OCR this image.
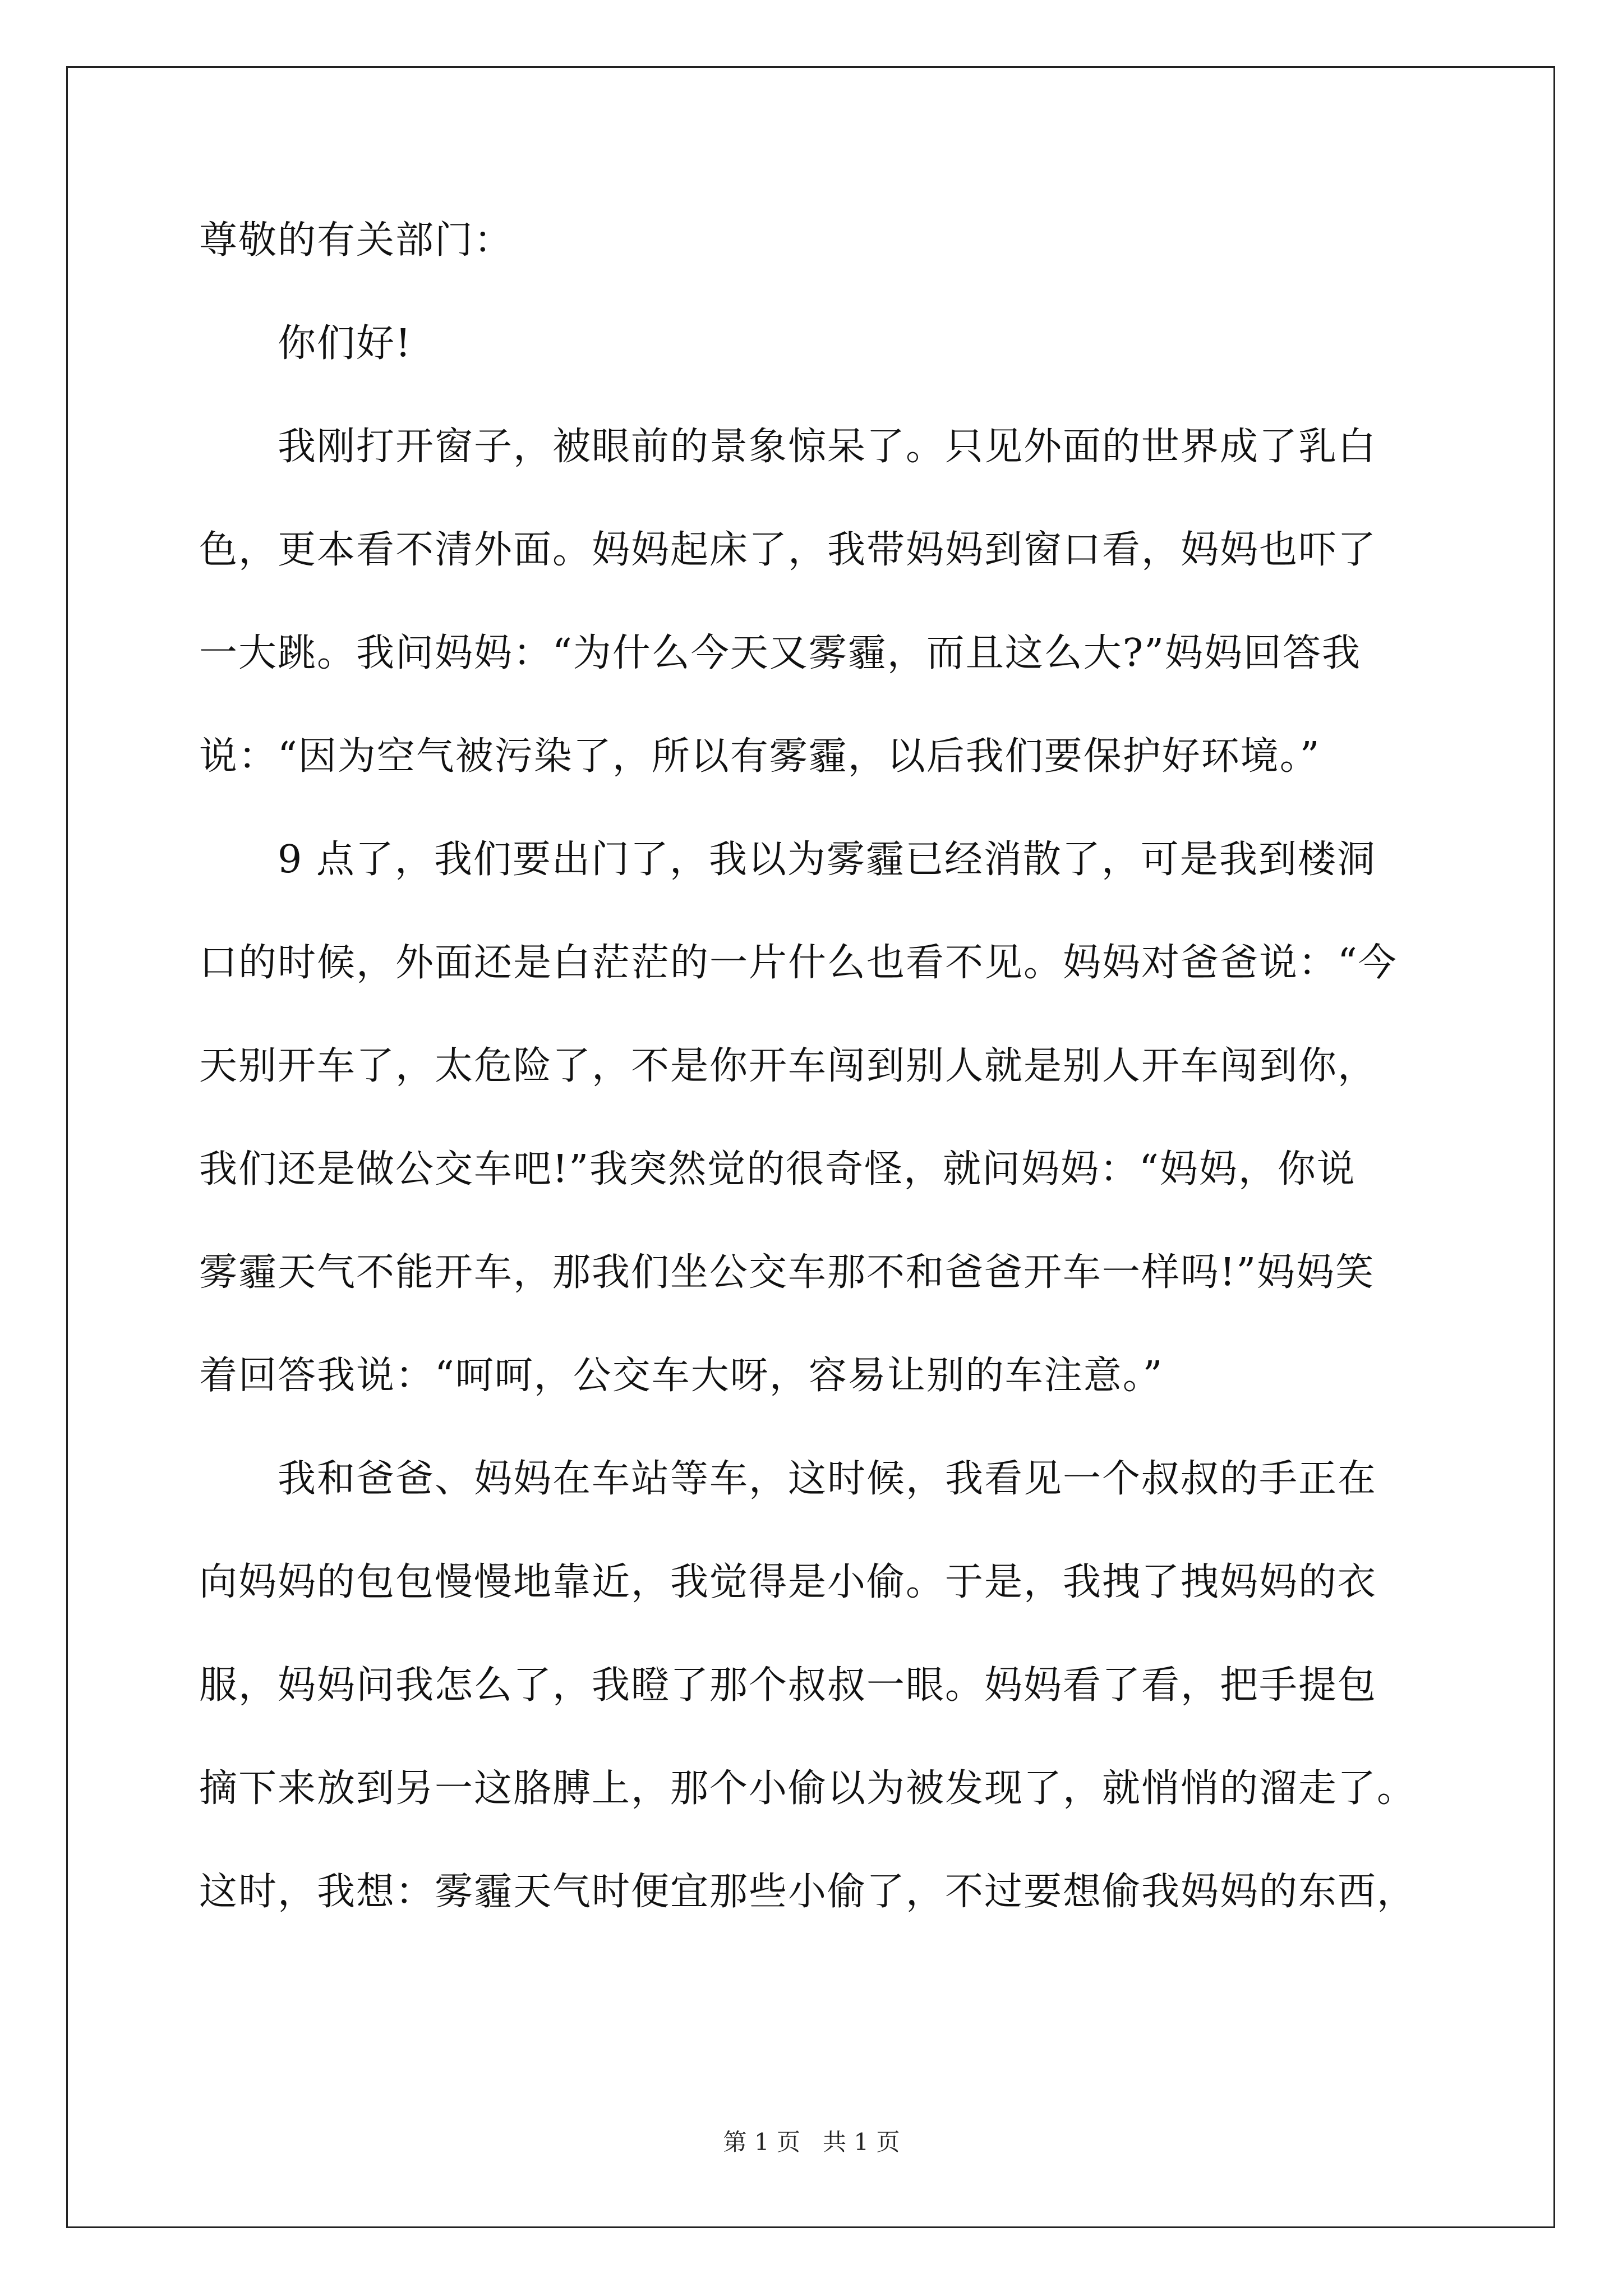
尊敬的有关部门：
你们好!
我刚打开窗子，被眼前的景象惊呆了。只见外面的世界成了乳白
色，更本看不清外面。妈妈起床了，我带妈妈到窗口看，妈妈也吓了
一大跳。我问妈妈：“为什么今天又雾霾，而且这么大?”妈妈回答我
说：“因为空气被污染了，所以有雾霾，以后我们要保护好环境。”
9 点了，我们要出门了，我以为雾霾已经消散了，可是我到楼洞
口的时候，外面还是白茫茫的一片什么也看不见。妈妈对爸爸说：“今
天别开车了，太危险了，不是你开车闯到别人就是别人开车闯到你，
我们还是做公交车吧!”我突然觉的很奇怪，就问妈妈：“妈妈，你说
雾霾天气不能开车，那我们坐公交车那不和爸爸开车一样吗!”妈妈笑
着回答我说：“呵呵，公交车大呀，容易让别的车注意。”
我和爸爸、妈妈在车站等车，这时候，我看见一个叔叔的手正在
向妈妈的包包慢慢地靠近，我觉得是小偷。于是，我拽了拽妈妈的衣
服，妈妈问我怎么了，我瞪了那个叔叔一眼。妈妈看了看，把手提包
摘下来放到另一这胳膊上，那个小偷以为被发现了，就悄悄的溜走了。
这时，我想：雾霾天气时便宜那些小偷了，不过要想偷我妈妈的东西，
第 1 页 共 1 页
